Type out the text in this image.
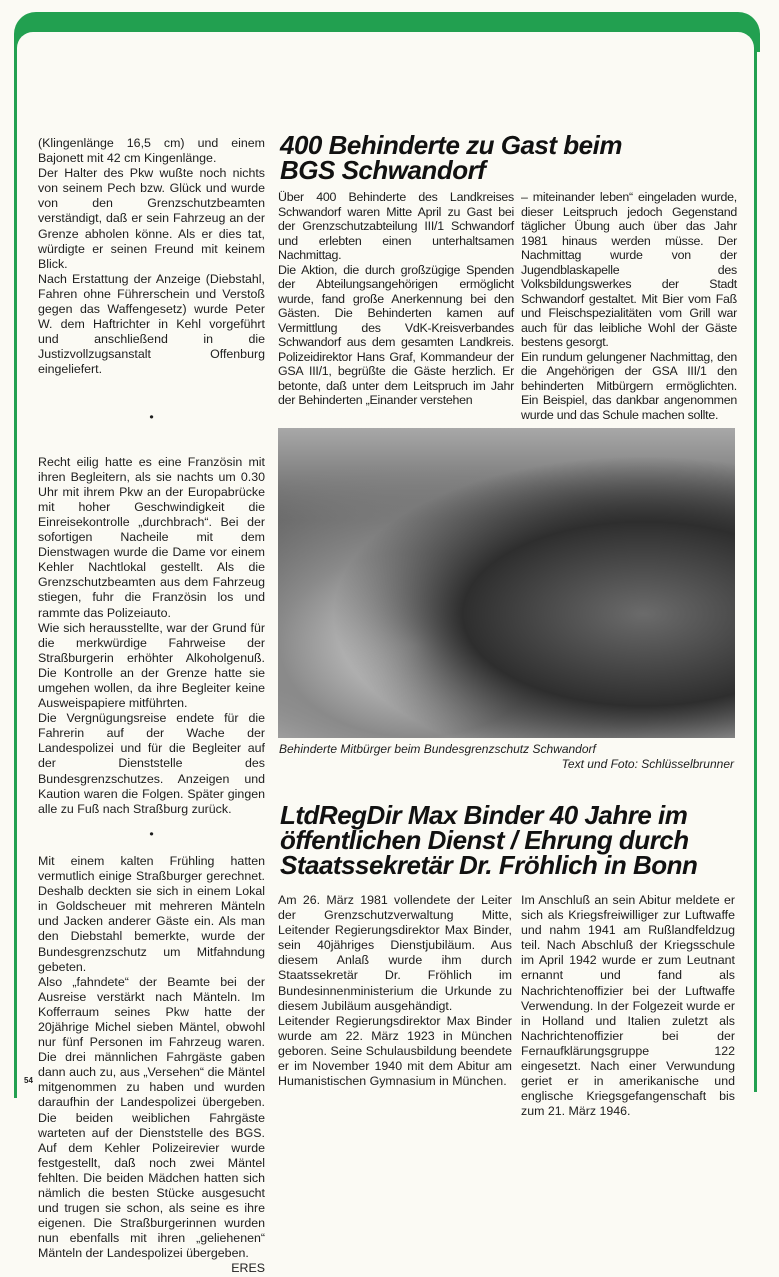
(Klingenlänge 16,5 cm) und einem Bajonett mit 42 cm Kingenlänge.

Der Halter des Pkw wußte noch nichts von seinem Pech bzw. Glück und wurde von den Grenzschutzbeamten verständigt, daß er sein Fahrzeug an der Grenze abholen könne. Als er dies tat, würdigte er seinen Freund mit keinem Blick.

Nach Erstattung der Anzeige (Diebstahl, Fahren ohne Führerschein und Verstoß gegen das Waffengesetz) wurde Peter W. dem Haftrichter in Kehl vorgeführt und anschließend in die Justizvollzugsanstalt Offenburg eingeliefert.

•

Recht eilig hatte es eine Französin mit ihren Begleitern, als sie nachts um 0.30 Uhr mit ihrem Pkw an der Europabrücke mit hoher Geschwindigkeit die Einreisekontrolle „durchbrach“. Bei der sofortigen Nacheile mit dem Dienstwagen wurde die Dame vor einem Kehler Nachtlokal gestellt. Als die Grenzschutzbeamten aus dem Fahrzeug stiegen, fuhr die Französin los und rammte das Polizeiauto.

Wie sich herausstellte, war der Grund für die merkwürdige Fahrweise der Straßburgerin erhöhter Alkoholgenuß. Die Kontrolle an der Grenze hatte sie umgehen wollen, da ihre Begleiter keine Ausweispapiere mitführten.

Die Vergnügungsreise endete für die Fahrerin auf der Wache der Landespolizei und für die Begleiter auf der Dienststelle des Bundesgrenzschutzes. Anzeigen und Kaution waren die Folgen. Später gingen alle zu Fuß nach Straßburg zurück.

•

Mit einem kalten Frühling hatten vermutlich einige Straßburger gerechnet. Deshalb deckten sie sich in einem Lokal in Goldscheuer mit mehreren Mänteln und Jacken anderer Gäste ein. Als man den Diebstahl bemerkte, wurde der Bundesgrenzschutz um Mitfahndung gebeten.

Also „fahndete“ der Beamte bei der Ausreise verstärkt nach Mänteln. Im Kofferraum seines Pkw hatte der 20jährige Michel sieben Mäntel, obwohl nur fünf Personen im Fahrzeug waren. Die drei männlichen Fahrgäste gaben dann auch zu, aus „Versehen“ die Mäntel mitgenommen zu haben und wurden daraufhin der Landespolizei übergeben. Die beiden weiblichen Fahrgäste warteten auf der Dienststelle des BGS. Auf dem Kehler Polizeirevier wurde festgestellt, daß noch zwei Mäntel fehlten. Die beiden Mädchen hatten sich nämlich die besten Stücke ausgesucht und trugen sie schon, als seine es ihre eigenen. Die Straßburgerinnen wurden nun ebenfalls mit ihren „geliehenen“ Mänteln der Landespolizei übergeben.
ERES

54
400 Behinderte zu Gast beim
BGS Schwandorf

Über 400 Behinderte des Landkreises Schwandorf waren Mitte April zu Gast bei der Grenzschutzabteilung III/1 Schwandorf und erlebten einen unterhaltsamen Nachmittag.

Die Aktion, die durch großzügige Spenden der Abteilungsangehörigen ermöglicht wurde, fand große Anerkennung bei den Gästen. Die Behinderten kamen auf Vermittlung des VdK-Kreisverbandes Schwandorf aus dem gesamten Landkreis. Polizeidirektor Hans Graf, Kommandeur der GSA III/1, begrüßte die Gäste herzlich. Er betonte, daß unter dem Leitspruch im Jahr der Behinderten „Einander verstehen

– miteinander leben“ eingeladen wurde, dieser Leitspruch jedoch Gegenstand täglicher Übung auch über das Jahr 1981 hinaus werden müsse. Der Nachmittag wurde von der Jugendblaskapelle des Volksbildungswerkes der Stadt Schwandorf gestaltet. Mit Bier vom Faß und Fleischspezialitäten vom Grill war auch für das leibliche Wohl der Gäste bestens gesorgt.

Ein rundum gelungener Nachmittag, den die Angehörigen der GSA III/1 den behinderten Mitbürgern ermöglichten. Ein Beispiel, das dankbar angenommen wurde und das Schule machen sollte.

Behinderte Mitbürger beim Bundesgrenzschutz Schwandorf
Text und Foto: Schlüsselbrunner
LtdRegDir Max Binder 40 Jahre im
öffentlichen Dienst / Ehrung durch
Staatssekretär Dr. Fröhlich in Bonn

Am 26. März 1981 vollendete der Leiter der Grenzschutzverwaltung Mitte, Leitender Regierungsdirektor Max Binder, sein 40jähriges Dienstjubiläum. Aus diesem Anlaß wurde ihm durch Staatssekretär Dr. Fröhlich im Bundesinnenministerium die Urkunde zu diesem Jubiläum ausgehändigt.

Leitender Regierungsdirektor Max Binder wurde am 22. März 1923 in München geboren. Seine Schulausbildung beendete er im November 1940 mit dem Abitur am Humanistischen Gymnasium in München.

Im Anschluß an sein Abitur meldete er sich als Kriegsfreiwilliger zur Luftwaffe und nahm 1941 am Rußlandfeldzug teil. Nach Abschluß der Kriegsschule im April 1942 wurde er zum Leutnant ernannt und fand als Nachrichtenoffizier bei der Luftwaffe Verwendung. In der Folgezeit wurde er in Holland und Italien zuletzt als Nachrichtenoffizier bei der Fernaufklärungsgruppe 122 eingesetzt. Nach einer Verwundung geriet er in amerikanische und englische Kriegsgefangenschaft bis zum 21. März 1946.
